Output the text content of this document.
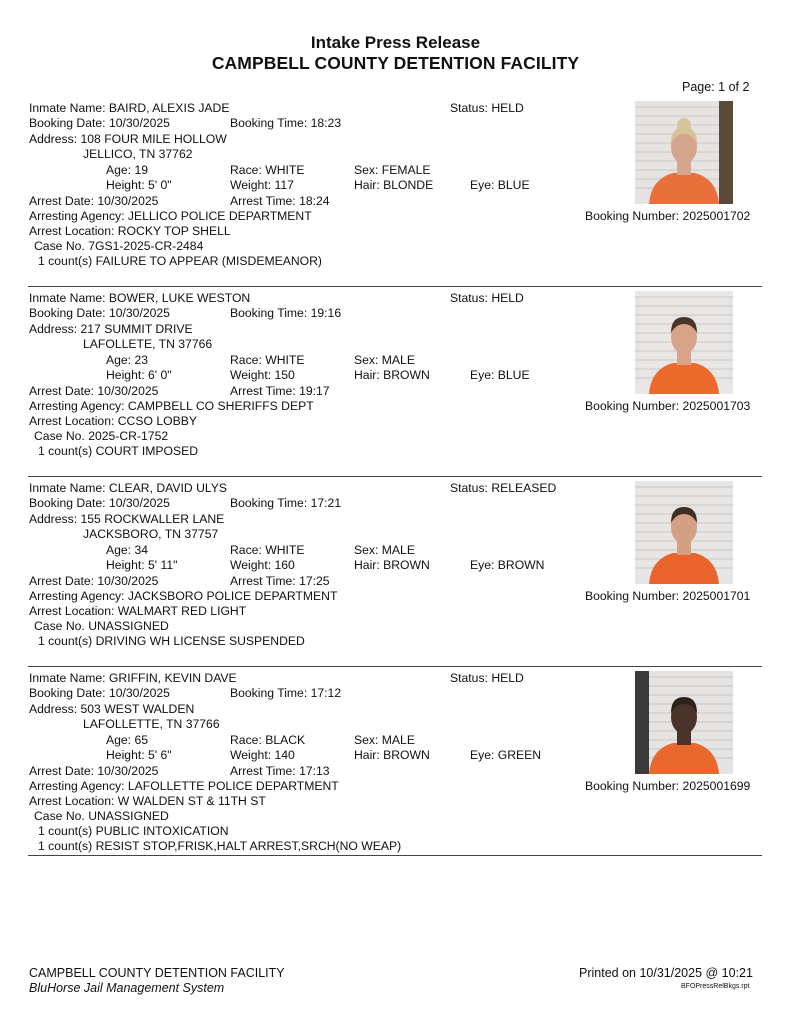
Intake Press Release
CAMPBELL COUNTY DETENTION FACILITY
Page: 1 of 2
Inmate Name: BAIRD, ALEXIS JADE	Status: HELD
Booking Date: 10/30/2025	Booking Time: 18:23
Address: 108 FOUR MILE HOLLOW
JELLICO, TN 37762
Age: 19	Race: WHITE	Sex: FEMALE
Height: 5' 0"	Weight: 117	Hair: BLONDE	Eye: BLUE
Arrest Date: 10/30/2025	Arrest Time: 18:24
Arresting Agency: JELLICO POLICE DEPARTMENT	Booking Number: 2025001702
Arrest Location: ROCKY TOP SHELL
Case No. 7GS1-2025-CR-2484
1 count(s) FAILURE TO APPEAR (MISDEMEANOR)
Inmate Name: BOWER, LUKE WESTON	Status: HELD
Booking Date: 10/30/2025	Booking Time: 19:16
Address: 217 SUMMIT DRIVE
LAFOLLETE, TN 37766
Age: 23	Race: WHITE	Sex: MALE
Height: 6' 0"	Weight: 150	Hair: BROWN	Eye: BLUE
Arrest Date: 10/30/2025	Arrest Time: 19:17
Arresting Agency: CAMPBELL CO SHERIFFS DEPT	Booking Number: 2025001703
Arrest Location: CCSO LOBBY
Case No. 2025-CR-1752
1 count(s) COURT IMPOSED
Inmate Name: CLEAR, DAVID ULYS	Status: RELEASED
Booking Date: 10/30/2025	Booking Time: 17:21
Address: 155 ROCKWALLER LANE
JACKSBORO, TN 37757
Age: 34	Race: WHITE	Sex: MALE
Height: 5' 11"	Weight: 160	Hair: BROWN	Eye: BROWN
Arrest Date: 10/30/2025	Arrest Time: 17:25
Arresting Agency: JACKSBORO POLICE DEPARTMENT	Booking Number: 2025001701
Arrest Location: WALMART RED LIGHT
Case No. UNASSIGNED
1 count(s) DRIVING WH LICENSE SUSPENDED
Inmate Name: GRIFFIN, KEVIN DAVE	Status: HELD
Booking Date: 10/30/2025	Booking Time: 17:12
Address: 503 WEST WALDEN
LAFOLLETTE, TN 37766
Age: 65	Race: BLACK	Sex: MALE
Height: 5' 6"	Weight: 140	Hair: BROWN	Eye: GREEN
Arrest Date: 10/30/2025	Arrest Time: 17:13
Arresting Agency: LAFOLLETTE POLICE DEPARTMENT	Booking Number: 2025001699
Arrest Location: W WALDEN ST & 11TH ST
Case No. UNASSIGNED
1 count(s) PUBLIC INTOXICATION
1 count(s) RESIST STOP,FRISK,HALT ARREST,SRCH(NO WEAP)
CAMPBELL COUNTY DETENTION FACILITY
BluHorse Jail Management System
Printed on 10/31/2025 @ 10:21
BFOPressRelBkgs.rpt
